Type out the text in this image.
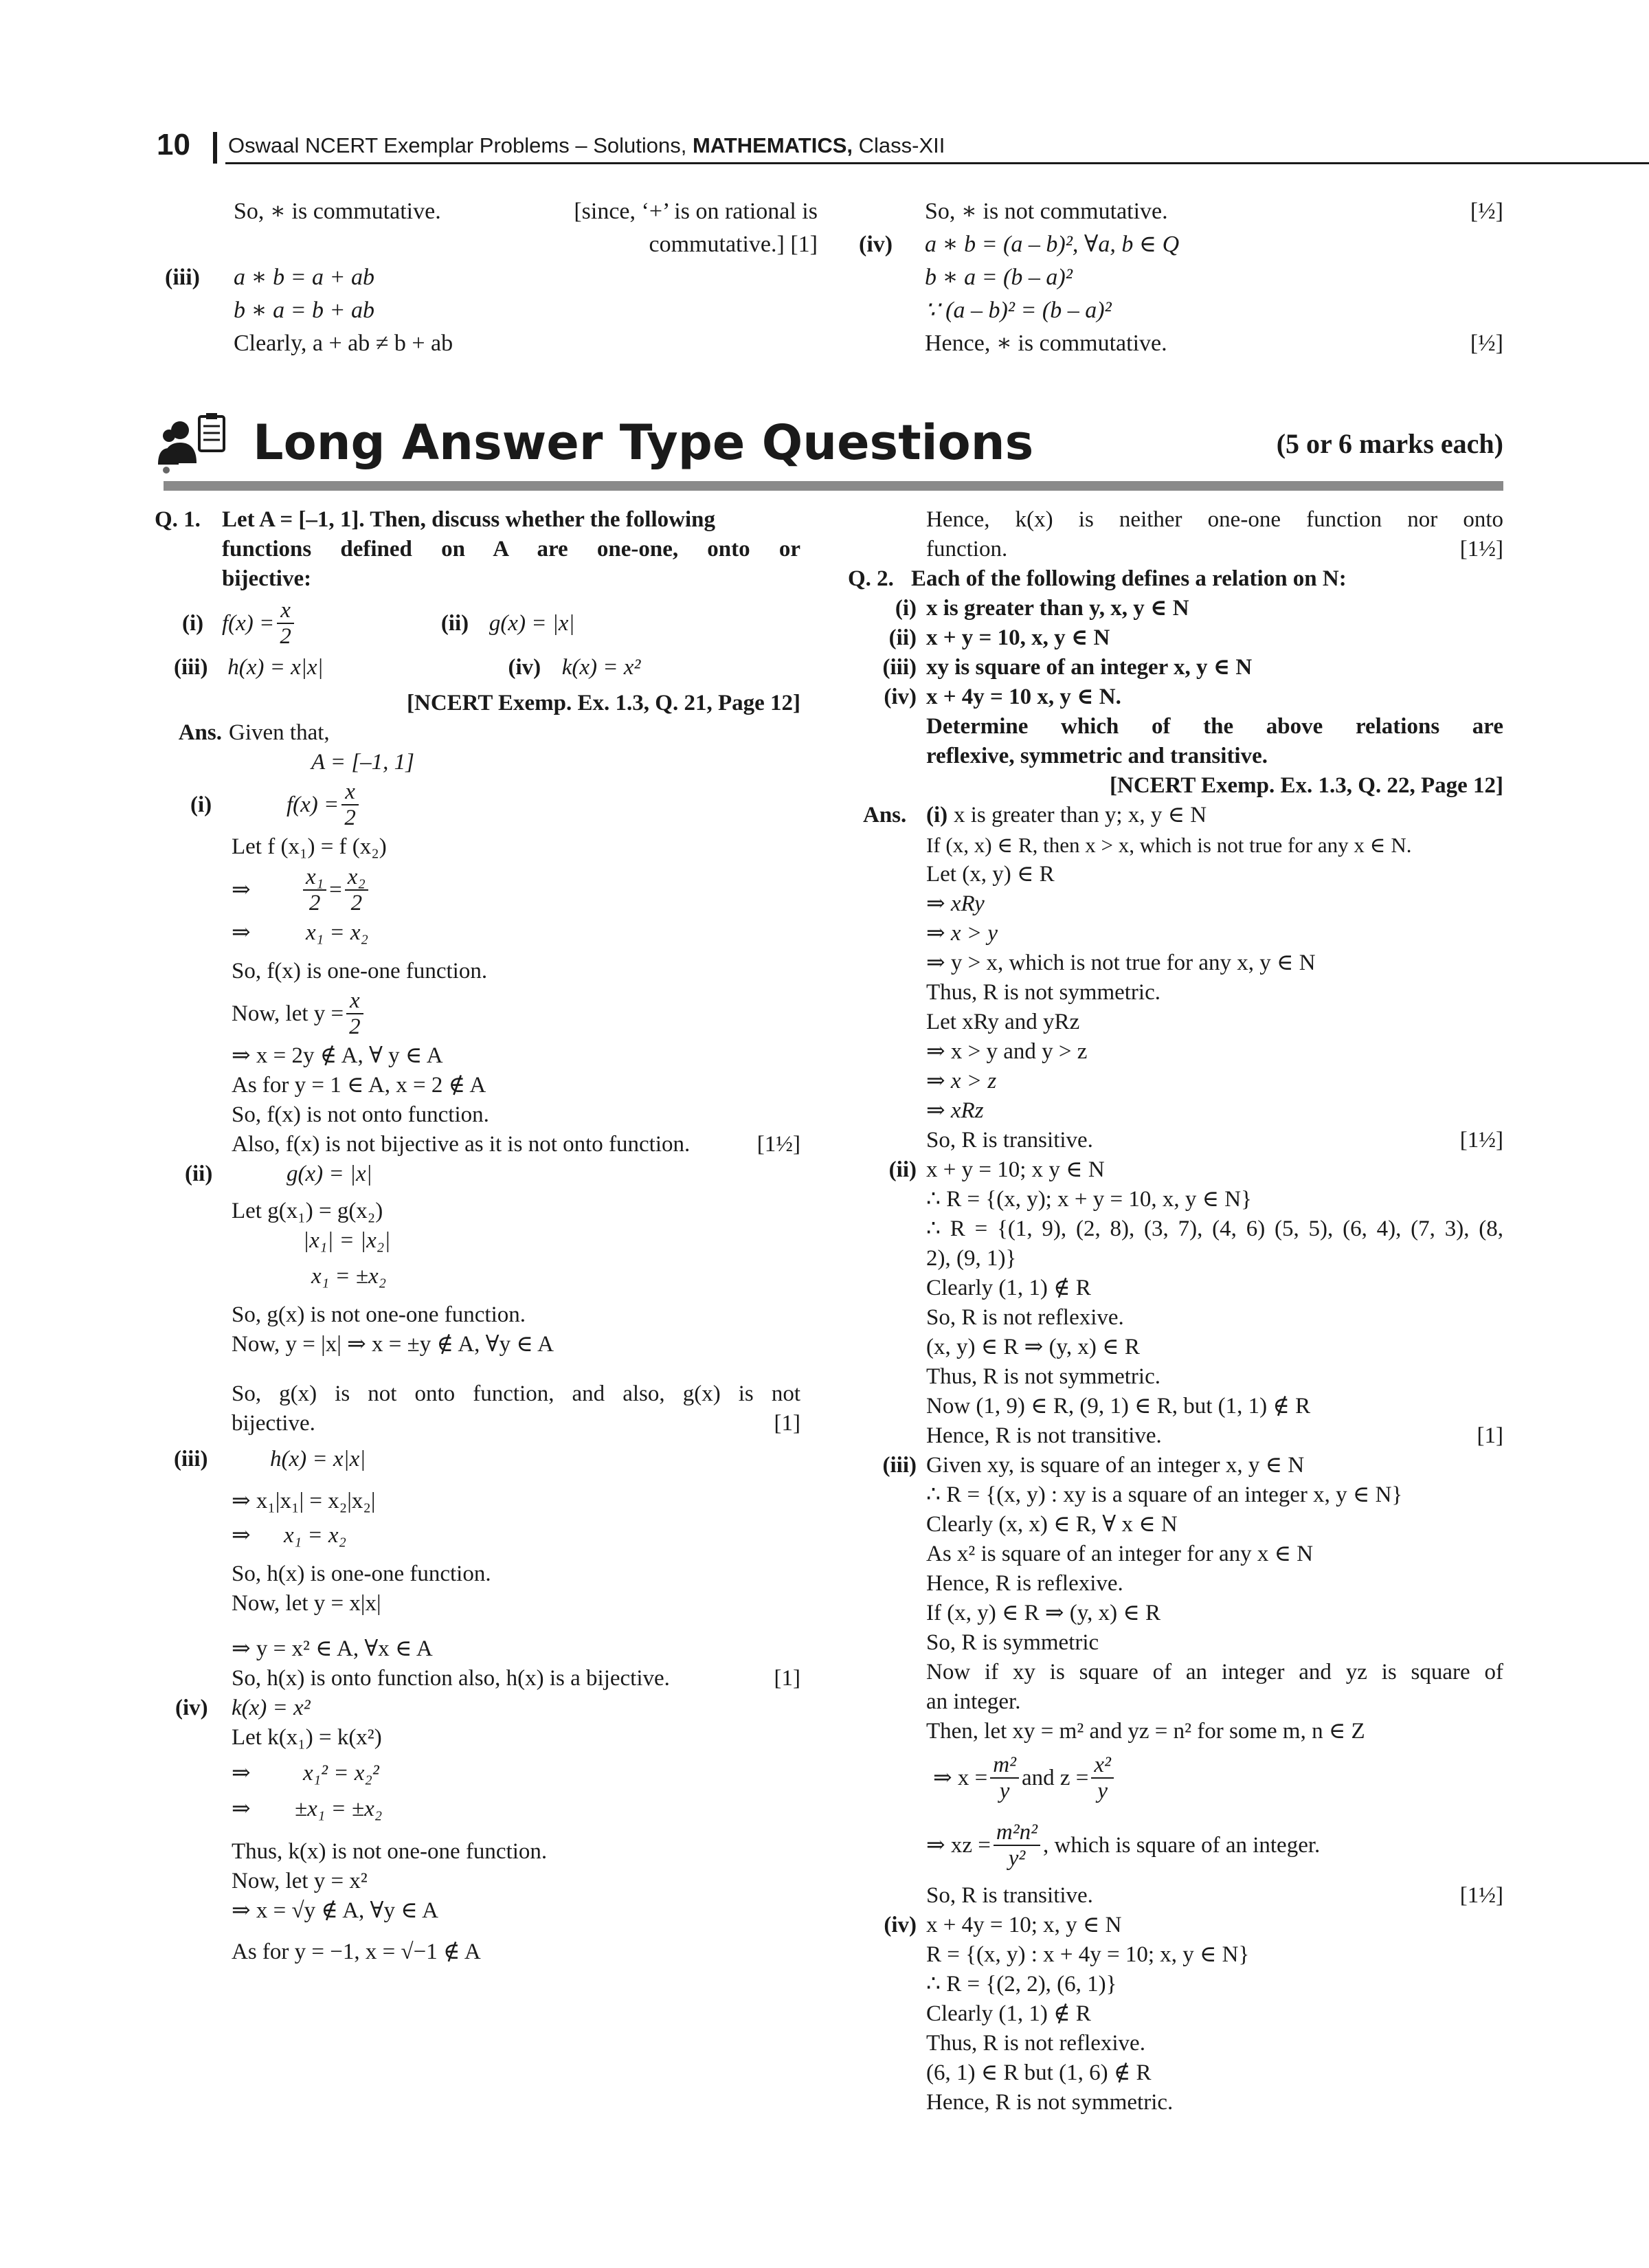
10 Oswaal NCERT Exemplar Problems – Solutions, MATHEMATICS, Class-XII
So, ∗ is commutative.	[since, ‘+’ is on rational is
commutative.] [1]
(iii) a ∗ b = a + ab
b ∗ a = b + ab
Clearly, a + ab ≠ b + ab
So, ∗ is not commutative.	[½]
(iv) a ∗ b = (a – b)², ∀a, b ∈ Q
b ∗ a = (b – a)²
∵ (a – b)² = (b – a)²
Hence, ∗ is commutative.	[½]
Long Answer Type Questions	(5 or 6 marks each)
Q. 1. Let A = [–1, 1]. Then, discuss whether the following
functions defined on A are one-one, onto or
bijective:
(i) $f(x) = \frac{x}{2}$	(ii) g(x) = |x|
(iii) h(x) = x|x|	(iv) k(x) = x²
[NCERT Exemp. Ex. 1.3, Q. 21, Page 12]
Ans. Given that,
A = [–1, 1]
(i)	$f(x) = \frac{x}{2}$
Let f (x₁) = f (x₂)
⇒	$\frac{\text{x₁}}{2} = \frac{\text{x₂}}{2}$
⇒ x₁ = x₂
So, f(x) is one-one function.
Now, let $y = \frac{x}{2}$
⇒ x = 2y ∉ A, ∀ y ∈ A
As for y = 1 ∈ A, x = 2 ∉ A
So, f(x) is not onto function.
Also, f(x) is not bijective as it is not onto function.	[1½]
(ii)	g(x) = |x|
Let g(x₁) = g(x₂)
|x₁| = |x₂|
x₁ = ±x₂
So, g(x) is not one-one function.
Now, y = |x| ⇒ x = ±y ∉ A, ∀y ∈ A
So, g(x) is not onto function, and also, g(x) is not
bijective.	[1]
(iii)	h(x) = x|x|
⇒ x₁|x₁| = x₂|x₂|
⇒ x₁ = x₂
So, h(x) is one-one function.
Now, let y = x|x|
⇒ y = x² ∈ A, ∀x ∈ A
So, h(x) is onto function also, h(x) is a bijective.	[1]
(iv) k(x) = x²
Let k(x₁) = k(x²)
⇒ x₁² = x₂²
⇒ ±x₁ = ±x₂
Thus, k(x) is not one-one function.
Now, let y = x²
⇒ x = √y ∉ A, ∀y ∈ A
As for y = −1, x = √−1 ∉ A
Hence, k(x) is neither one-one function nor onto
function.	[1½]
Q. 2. Each of the following defines a relation on N:
(i) x is greater than y, x, y ∈ N
(ii) x + y = 10, x, y ∈ N
(iii) xy is square of an integer x, y ∈ N
(iv) x + 4y = 10 x, y ∈ N.
Determine which of the above relations are
reflexive, symmetric and transitive.
[NCERT Exemp. Ex. 1.3, Q. 22, Page 12]
Ans. (i) x is greater than y; x, y ∈ N
If (x, x) ∈ R, then x > x, which is not true for any x ∈ N.
Let (x, y) ∈ R
⇒ xRy
⇒ x > y
⇒ y > x, which is not true for any x, y ∈ N
Thus, R is not symmetric.
Let xRy and yRz
⇒ x > y and y > z
⇒ x > z
⇒ xRz
So, R is transitive.	[1½]
(ii) x + y = 10; x y ∈ N
∴ R = {(x, y); x + y = 10, x, y ∈ N}
∴ R = {(1, 9), (2, 8), (3, 7), (4, 6) (5, 5), (6, 4), (7, 3), (8,
2), (9, 1)}
Clearly (1, 1) ∉ R
So, R is not reflexive.
(x, y) ∈ R ⇒ (y, x) ∈ R
Thus, R is not symmetric.
Now (1, 9) ∈ R, (9, 1) ∈ R, but (1, 1) ∉ R
Hence, R is not transitive.	[1]
(iii) Given xy, is square of an integer x, y ∈ N
∴ R = {(x, y) : xy is a square of an integer x, y ∈ N}
Clearly (x, x) ∈ R, ∀ x ∈ N
As x² is square of an integer for any x ∈ N
Hence, R is reflexive.
If (x, y) ∈ R ⇒ (y, x) ∈ R
So, R is symmetric
Now if xy is square of an integer and yz is square of
an integer.
Then, let xy = m² and yz = n² for some m, n ∈ Z
⇒ $x = \frac{\text{m²}}{y}$ and $z = \frac{\text{x²}}{y}$
⇒ xz = $\frac{\text{m²n²}}{\text{y²}}$ , which is square of an integer.
So, R is transitive.	[1½]
(iv) x + 4y = 10; x, y ∈ N
R = {(x, y) : x + 4y = 10; x, y ∈ N}
∴ R = {(2, 2), (6, 1)}
Clearly (1, 1) ∉ R
Thus, R is not reflexive.
(6, 1) ∈ R but (1, 6) ∉ R
Hence, R is not symmetric.
